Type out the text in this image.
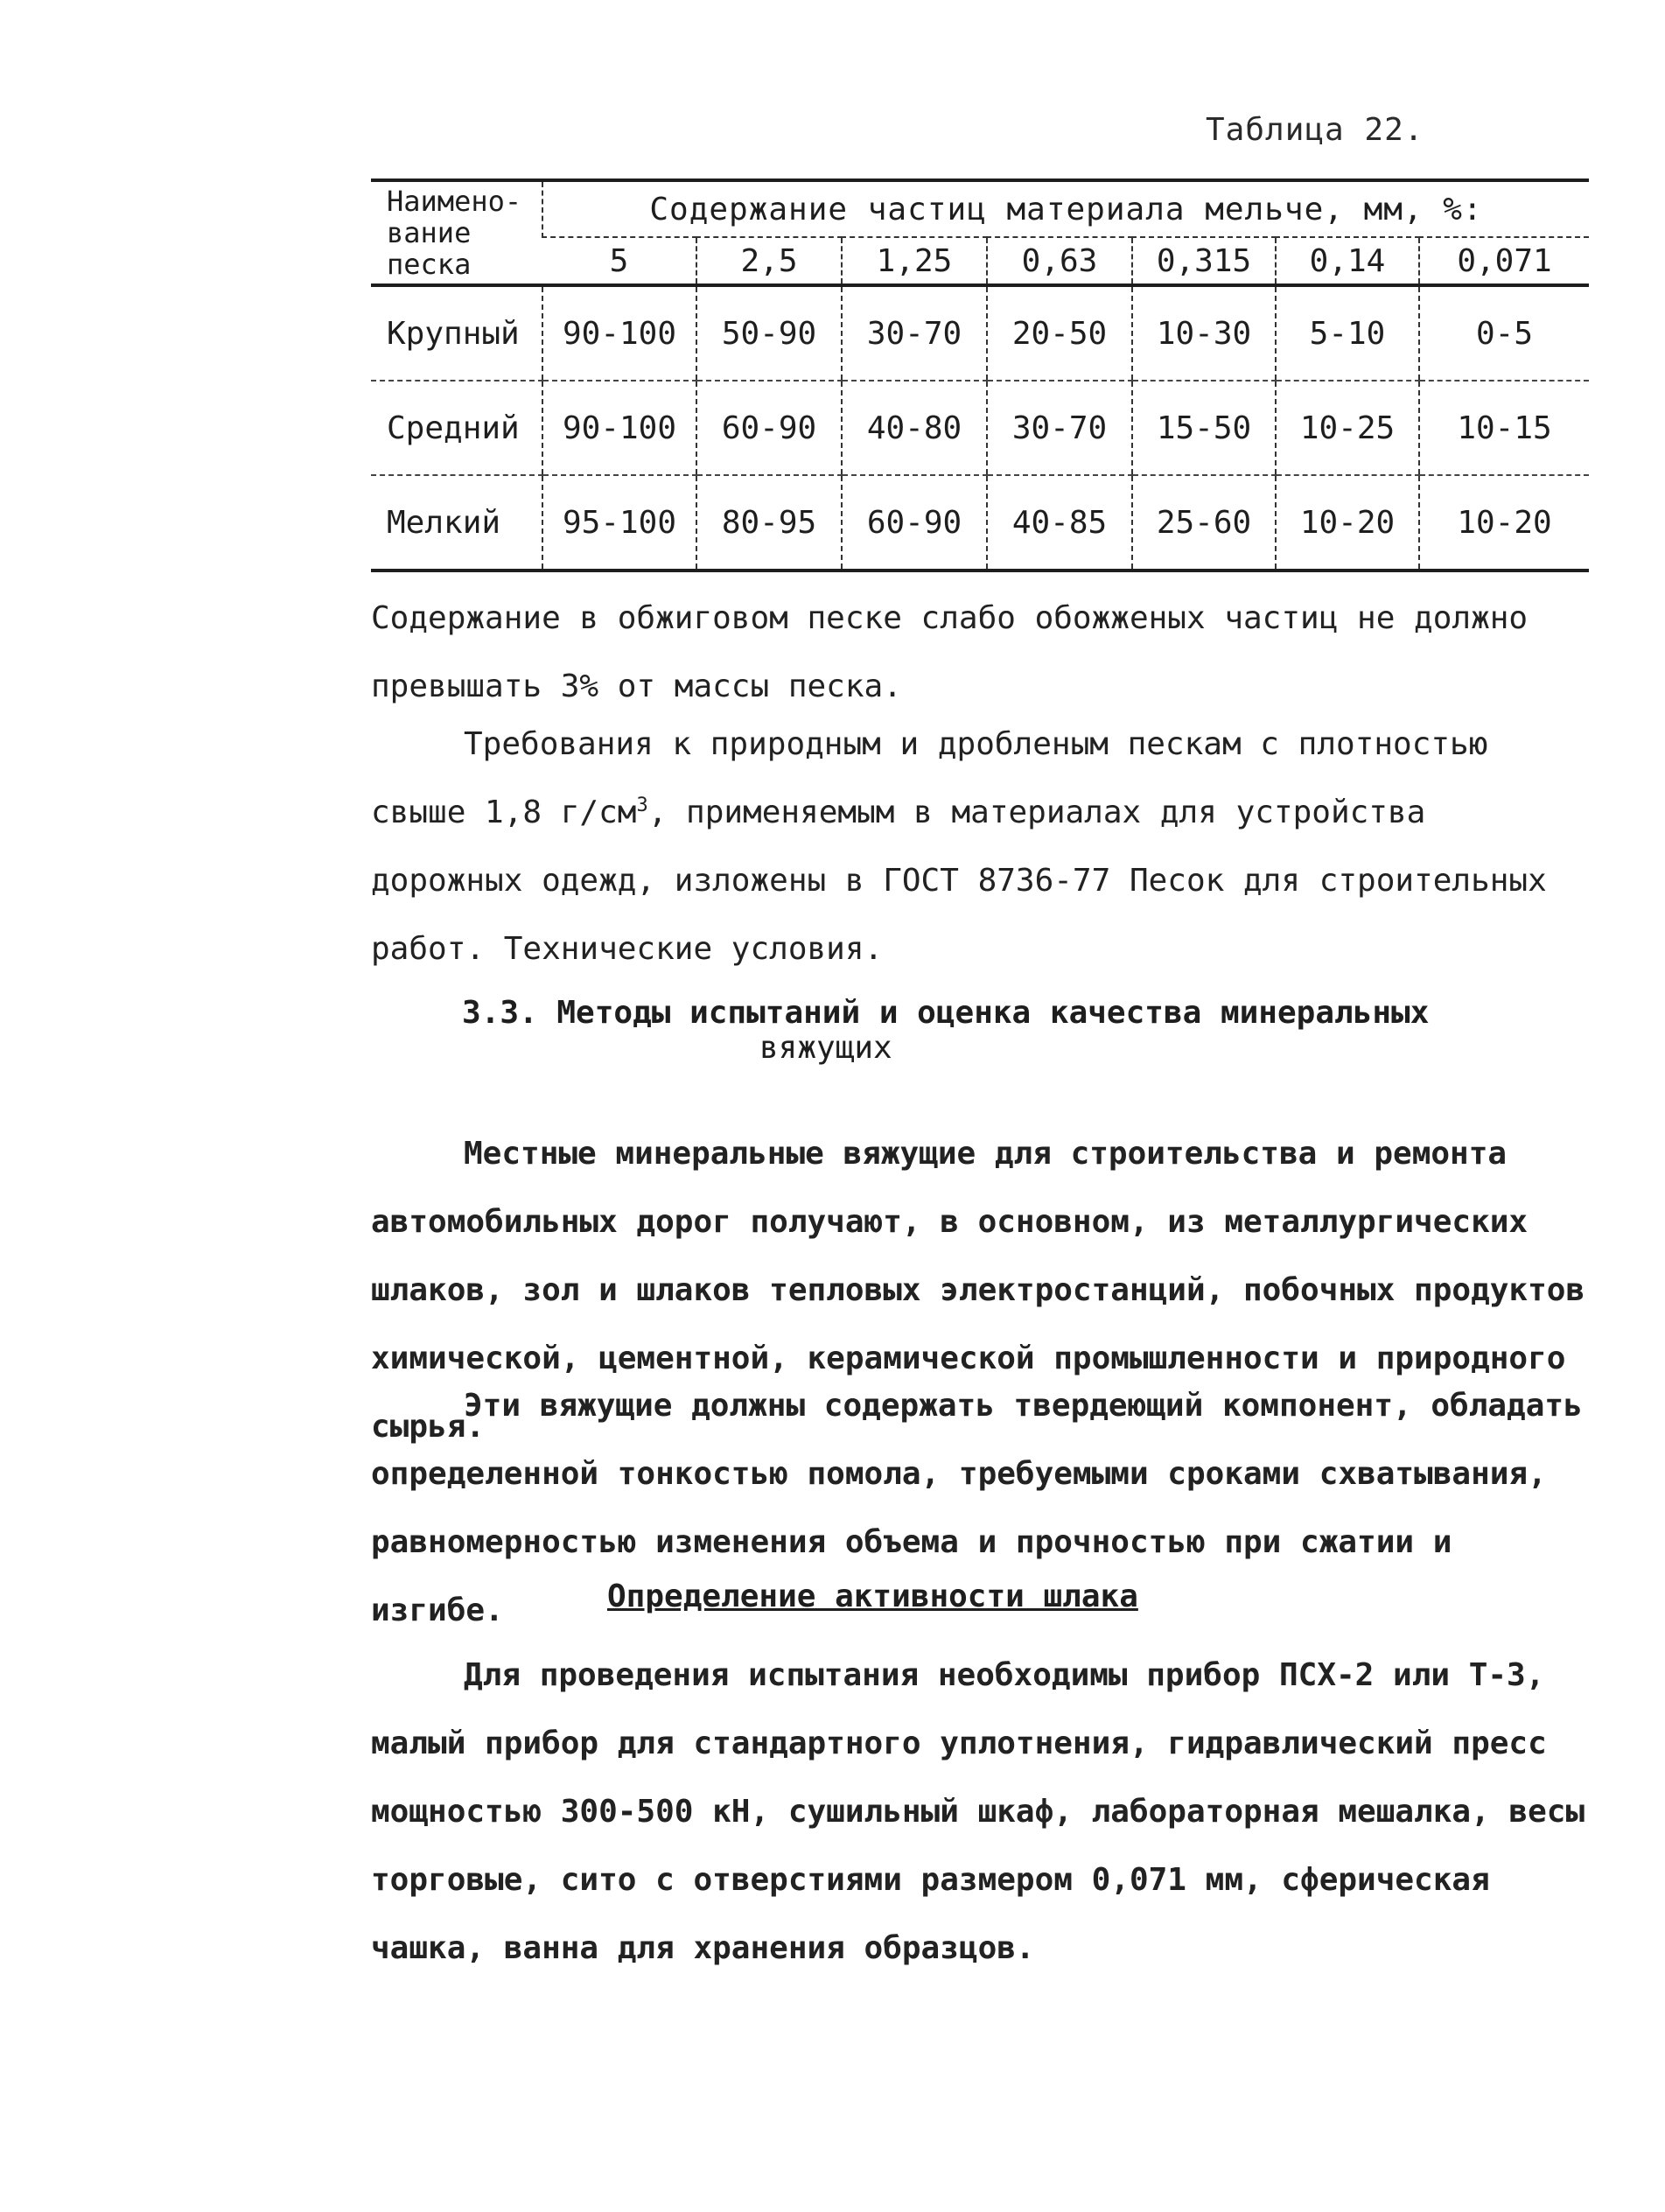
Таблица 22.
Наимено-
вание
песка	Содержание частиц материала мельче, мм, %:						
	5	2,5	1,25	0,63	0,315	0,14	0,071
Крупный	90-100	50-90	30-70	20-50	10-30	5-10	0-5
Средний	90-100	60-90	40-80	30-70	15-50	10-25	10-15
Мелкий	95-100	80-95	60-90	40-85	25-60	10-20	10-20

Содержание в обжиговом песке слабо обожженых частиц не должно превышать 3% от массы песка.

Требования к природным и дробленым пескам с плотностью свыше 1,8 $г/см^3$, применяемым в материалах для устройства дорожных одежд, изложены в ГОСТ 8736-77 Песок для строительных работ. Технические условия.

3.3. Методы испытаний и оценка качества минеральных
вяжущих

Местные минеральные вяжущие для строительства и ремонта автомобильных дорог получают, в основном, из металлургических шлаков, зол и шлаков тепловых электростанций, побочных продуктов химической, цементной, керамической промышленности и природного сырья.

Эти вяжущие должны содержать твердеющий компонент, обладать определенной тонкостью помола, требуемыми сроками схватывания, равномерностью изменения объема и прочностью при сжатии и изгибе.	Определение активности шлака

Для проведения испытания необходимы прибор ПСХ-2 или Т-3, малый прибор для стандартного уплотнения, гидравлический пресс мощностью 300-500 кН, сушильный шкаф, лабораторная мешалка, весы торговые, сито с отверстиями размером 0,071 мм, сферическая чашка, ванна для хранения образцов.
